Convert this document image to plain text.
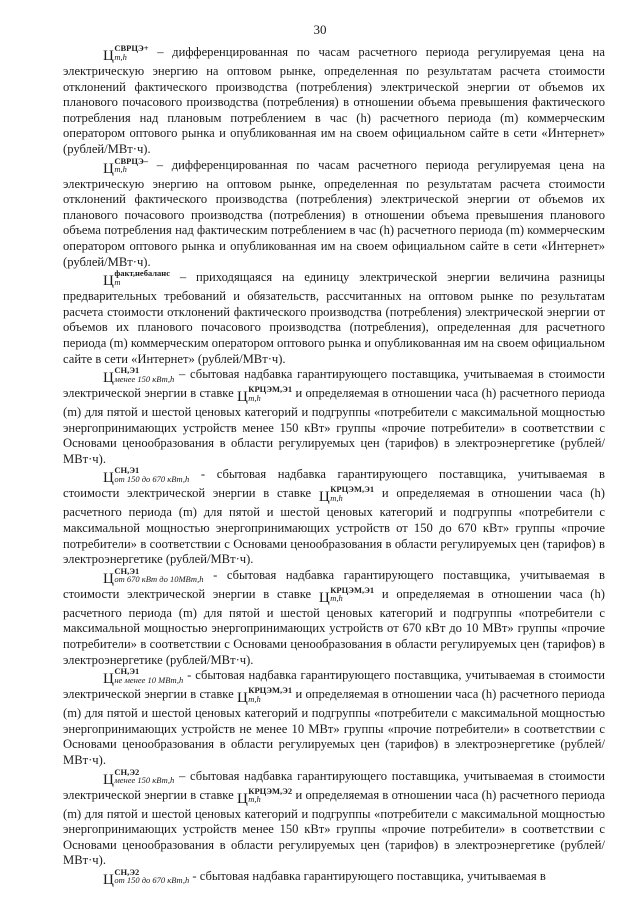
30

Ц СВРЦЭ+
m,h	– дифференцированная по часам расчетного периода регулируемая цена на электрическую энергию на оптовом рынке, определенная по результатам расчета стоимости отклонений фактического производства (потребления) электрической энергии от объемов их планового почасового производства (потребления) в отношении объема превышения фактического потребления над плановым потреблением в час (h) расчетного периода (m) коммерческим оператором оптового рынка и опубликованная им на своем официальном сайте в сети «Интернет» (рублей/МВт·ч).

Ц СВРЦЭ–
m,h	– дифференцированная по часам расчетного периода регулируемая цена на электрическую энергию на оптовом рынке, определенная по результатам расчета стоимости отклонений фактического производства (потребления) электрической энергии от объемов их планового почасового производства (потребления) в отношении объема превышения планового объема потребления над фактическим потреблением в час (h) расчетного периода (m) коммерческим оператором оптового рынка и опубликованная им на своем официальном сайте в сети «Интернет» (рублей/МВт·ч).

Ц факт,небаланс
m	– приходящаяся на единицу электрической энергии величина разницы предварительных требований и обязательств, рассчитанных на оптовом рынке по результатам расчета стоимости отклонений фактического производства (потребления) электрической энергии от объемов их планового почасового производства (потребления), определенная для расчетного периода (m) коммерческим оператором оптового рынка и опубликованная им на своем официальном сайте в сети «Интернет» (рублей/МВт·ч).

Ц СН,Э1
менее 150 кВт,h – сбытовая надбавка гарантирующего поставщика, учитываемая в стоимости электрической энергии в ставке Ц КРЦЭМ,Э1
m,h	и определяемая в отношении часа (h) расчетного периода (m) для пятой и шестой ценовых категорий и подгруппы «потребители с максимальной мощностью энергопринимающих устройств менее 150 кВт» группы «прочие потребители» в соответствии с Основами ценообразования в области регулируемых цен (тарифов) в электроэнергетике (рублей/МВт·ч).

Ц СН,Э1
от 150 до 670 кВт,h - сбытовая надбавка гарантирующего поставщика, учитываемая в стоимости электрической энергии в ставке Ц КРЦЭМ,Э1
m,h	и определяемая в отношении часа (h) расчетного периода (m) для пятой и шестой ценовых категорий и подгруппы «потребители с максимальной мощностью энергопринимающих устройств от 150 до 670 кВт» группы «прочие потребители» в соответствии с Основами ценообразования в области регулируемых цен (тарифов) в электроэнергетике (рублей/МВт·ч).

Ц СН,Э1
от 670 кВт до 10МВт,h - сбытовая надбавка гарантирующего поставщика, учитываемая в стоимости электрической энергии в ставке Ц КРЦЭМ,Э1
m,h	и определяемая в отношении часа (h) расчетного периода (m) для пятой и шестой ценовых категорий и подгруппы «потребители с максимальной мощностью энергопринимающих устройств от 670 кВт до 10 МВт» группы «прочие потребители» в соответствии с Основами ценообразования в области регулируемых цен (тарифов) в электроэнергетике (рублей/МВт·ч).

Ц СН,Э1
не менее 10 МВт,h - сбытовая надбавка гарантирующего поставщика, учитываемая в стоимости электрической энергии в ставке Ц КРЦЭМ,Э1
m,h	и определяемая в отношении часа (h) расчетного периода (m) для пятой и шестой ценовых категорий и подгруппы «потребители с максимальной мощностью энергопринимающих устройств не менее 10 МВт» группы «прочие потребители» в соответствии с Основами ценообразования в области регулируемых цен (тарифов) в электроэнергетике (рублей/МВт·ч).

Ц СН,Э2
менее 150 кВт,h – сбытовая надбавка гарантирующего поставщика, учитываемая в стоимости электрической энергии в ставке Ц КРЦЭМ,Э2
m,h	и определяемая в отношении часа (h) расчетного периода (m) для пятой и шестой ценовых категорий и подгруппы «потребители с максимальной мощностью энергопринимающих устройств менее 150 кВт» группы «прочие потребители» в соответствии с Основами ценообразования в области регулируемых цен (тарифов) в электроэнергетике (рублей/МВт·ч).

Ц СН,Э2
от 150 до 670 кВт,h - сбытовая надбавка гарантирующего поставщика, учитываемая в
